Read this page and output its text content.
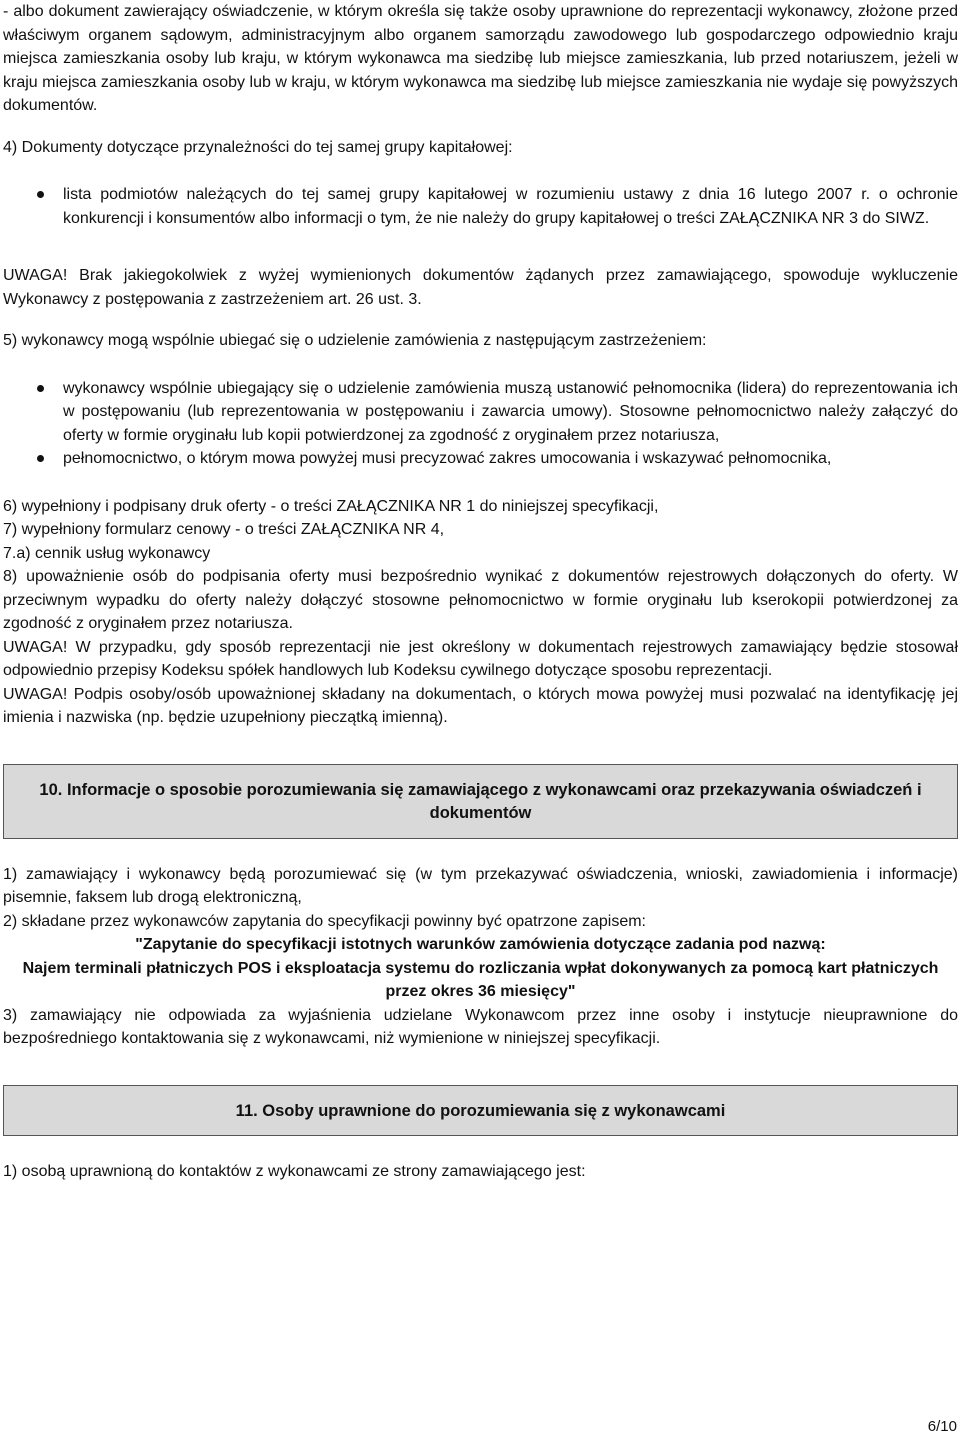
- albo dokument zawierający oświadczenie, w którym określa się także osoby uprawnione do reprezentacji wykonawcy, złożone przed właściwym organem sądowym, administracyjnym albo organem samorządu zawodowego lub gospodarczego odpowiednio kraju miejsca zamieszkania osoby lub kraju, w którym wykonawca ma siedzibę lub miejsce zamieszkania, lub przed notariuszem, jeżeli w kraju miejsca zamieszkania osoby lub w kraju, w którym wykonawca ma siedzibę lub miejsce zamieszkania nie wydaje się powyższych dokumentów.

4) Dokumenty dotyczące przynależności do tej samej grupy kapitałowej:

lista podmiotów należących do tej samej grupy kapitałowej w rozumieniu ustawy z dnia 16 lutego 2007 r. o ochronie konkurencji i konsumentów albo informacji o tym, że nie należy do grupy kapitałowej o treści ZAŁĄCZNIKA NR 3 do SIWZ.

UWAGA! Brak jakiegokolwiek z wyżej wymienionych dokumentów żądanych przez zamawiającego, spowoduje wykluczenie Wykonawcy z postępowania z zastrzeżeniem art. 26 ust. 3.

5) wykonawcy mogą wspólnie ubiegać się o udzielenie zamówienia z następującym zastrzeżeniem:

wykonawcy wspólnie ubiegający się o udzielenie zamówienia muszą ustanowić pełnomocnika (lidera) do reprezentowania ich w postępowaniu (lub reprezentowania w postępowaniu i zawarcia umowy). Stosowne pełnomocnictwo należy załączyć do oferty w formie oryginału lub kopii potwierdzonej za zgodność z oryginałem przez notariusza,
pełnomocnictwo, o którym mowa powyżej musi precyzować zakres umocowania i wskazywać pełnomocnika,

6) wypełniony i podpisany druk oferty - o treści ZAŁĄCZNIKA NR 1 do niniejszej specyfikacji,

7) wypełniony formularz cenowy - o treści ZAŁĄCZNIKA NR 4,

7.a) cennik usług wykonawcy

8) upoważnienie osób do podpisania oferty musi bezpośrednio wynikać z dokumentów rejestrowych dołączonych do oferty. W przeciwnym wypadku do oferty należy dołączyć stosowne pełnomocnictwo w formie oryginału lub kserokopii potwierdzonej za zgodność z oryginałem przez notariusza.

UWAGA! W przypadku, gdy sposób reprezentacji nie jest określony w dokumentach rejestrowych zamawiający będzie stosował odpowiednio przepisy Kodeksu spółek handlowych lub Kodeksu cywilnego dotyczące sposobu reprezentacji.

UWAGA! Podpis osoby/osób upoważnionej składany na dokumentach, o których mowa powyżej musi pozwalać na identyfikację jej imienia i nazwiska (np. będzie uzupełniony pieczątką imienną).

10. Informacje o sposobie porozumiewania się zamawiającego z wykonawcami oraz przekazywania oświadczeń i dokumentów

1) zamawiający i wykonawcy będą porozumiewać się (w tym przekazywać oświadczenia, wnioski, zawiadomienia i informacje) pisemnie, faksem lub drogą elektroniczną,

2) składane przez wykonawców zapytania do specyfikacji powinny być opatrzone zapisem:

"Zapytanie do specyfikacji istotnych warunków zamówienia dotyczące zadania pod nazwą:

Najem terminali płatniczych POS i eksploatacja systemu do rozliczania wpłat dokonywanych za pomocą kart płatniczych przez okres 36 miesięcy"

3) zamawiający nie odpowiada za wyjaśnienia udzielane Wykonawcom przez inne osoby i instytucje nieuprawnione do bezpośredniego kontaktowania się z wykonawcami, niż wymienione w niniejszej specyfikacji.

11. Osoby uprawnione do porozumiewania się z wykonawcami

1) osobą uprawnioną do kontaktów z wykonawcami ze strony zamawiającego jest:

6/10
